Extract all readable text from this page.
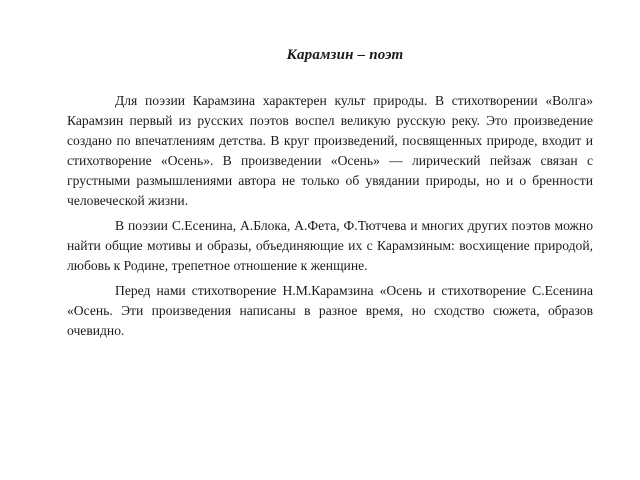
Карамзин – поэт

Для поэзии Карамзина характерен культ природы. В стихотворении «Волга» Карамзин первый из русских поэтов воспел великую русскую реку. Это произведение создано по впечатлениям детства. В круг произведений, посвященных природе, входит и стихотворение «Осень». В произведении «Осень» — лирический пейзаж связан с грустными размышлениями автора не только об увядании природы, но и о бренности человеческой жизни.

В поэзии С.Есенина, А.Блока, А.Фета, Ф.Тютчева и многих других поэтов можно найти общие мотивы и образы, объединяющие их с Карамзиным: восхищение природой, любовь к Родине, трепетное отношение к женщине.

Перед нами стихотворение Н.М.Карамзина «Осень и стихотворение С.Есенина «Осень. Эти произведения написаны в разное время, но сходство сюжета, образов очевидно.
